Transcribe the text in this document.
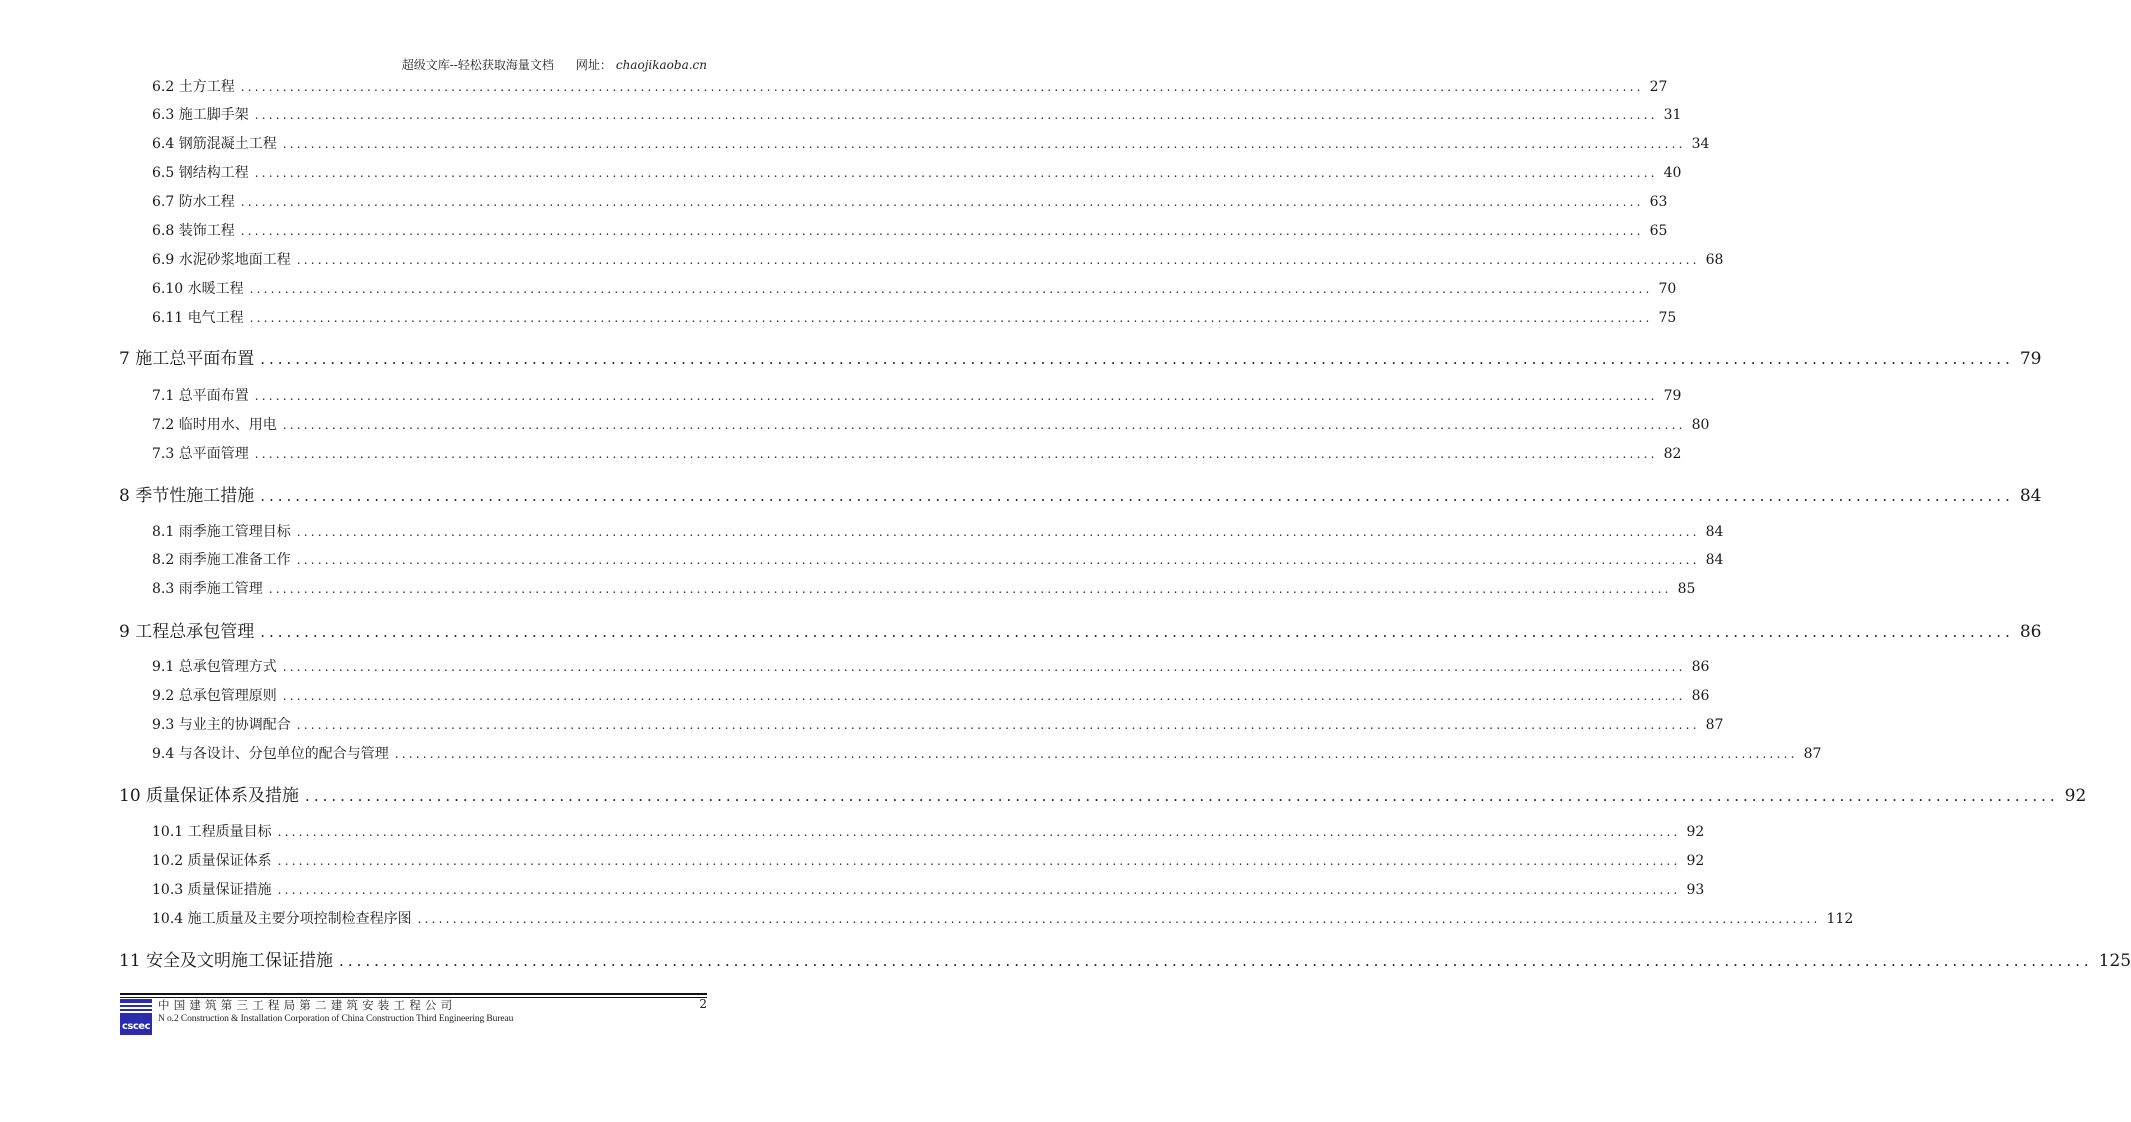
超级文库--轻松获取海量文档 网址： chaojikaoba.cn
6.2 土方工程 ........................................................................................................................................................................................................ 27
6.3 施工脚手架 ........................................................................................................................................................................................................ 31
6.4 钢筋混凝土工程 ........................................................................................................................................................................................................ 34
6.5 钢结构工程 ........................................................................................................................................................................................................ 40
6.7 防水工程 ........................................................................................................................................................................................................ 63
6.8 装饰工程 ........................................................................................................................................................................................................ 65
6.9 水泥砂浆地面工程 ........................................................................................................................................................................................................ 68
6.10 水暖工程 ........................................................................................................................................................................................................ 70
6.11 电气工程 ........................................................................................................................................................................................................ 75
7 施工总平面布置 ........................................................................................................................................................................................................ 79
7.1 总平面布置 ........................................................................................................................................................................................................ 79
7.2 临时用水、用电 ........................................................................................................................................................................................................ 80
7.3 总平面管理 ........................................................................................................................................................................................................ 82
8 季节性施工措施 ........................................................................................................................................................................................................ 84
8.1 雨季施工管理目标 ........................................................................................................................................................................................................ 84
8.2 雨季施工准备工作 ........................................................................................................................................................................................................ 84
8.3 雨季施工管理 ........................................................................................................................................................................................................ 85
9 工程总承包管理 ........................................................................................................................................................................................................ 86
9.1 总承包管理方式 ........................................................................................................................................................................................................ 86
9.2 总承包管理原则 ........................................................................................................................................................................................................ 86
9.3 与业主的协调配合 ........................................................................................................................................................................................................ 87
9.4 与各设计、分包单位的配合与管理 ........................................................................................................................................................................................................ 87
10 质量保证体系及措施 ........................................................................................................................................................................................................ 92
10.1 工程质量目标 ........................................................................................................................................................................................................ 92
10.2 质量保证体系 ........................................................................................................................................................................................................ 92
10.3 质量保证措施 ........................................................................................................................................................................................................ 93
10.4 施工质量及主要分项控制检查程序图 ........................................................................................................................................................................................................ 112
11 安全及文明施工保证措施 ........................................................................................................................................................................................................ 125
cscec
中国建筑第三工程局第二建筑安装工程公司
N o.2 Construction & Installation Corporation of China Construction Third Engineering Bureau
2
